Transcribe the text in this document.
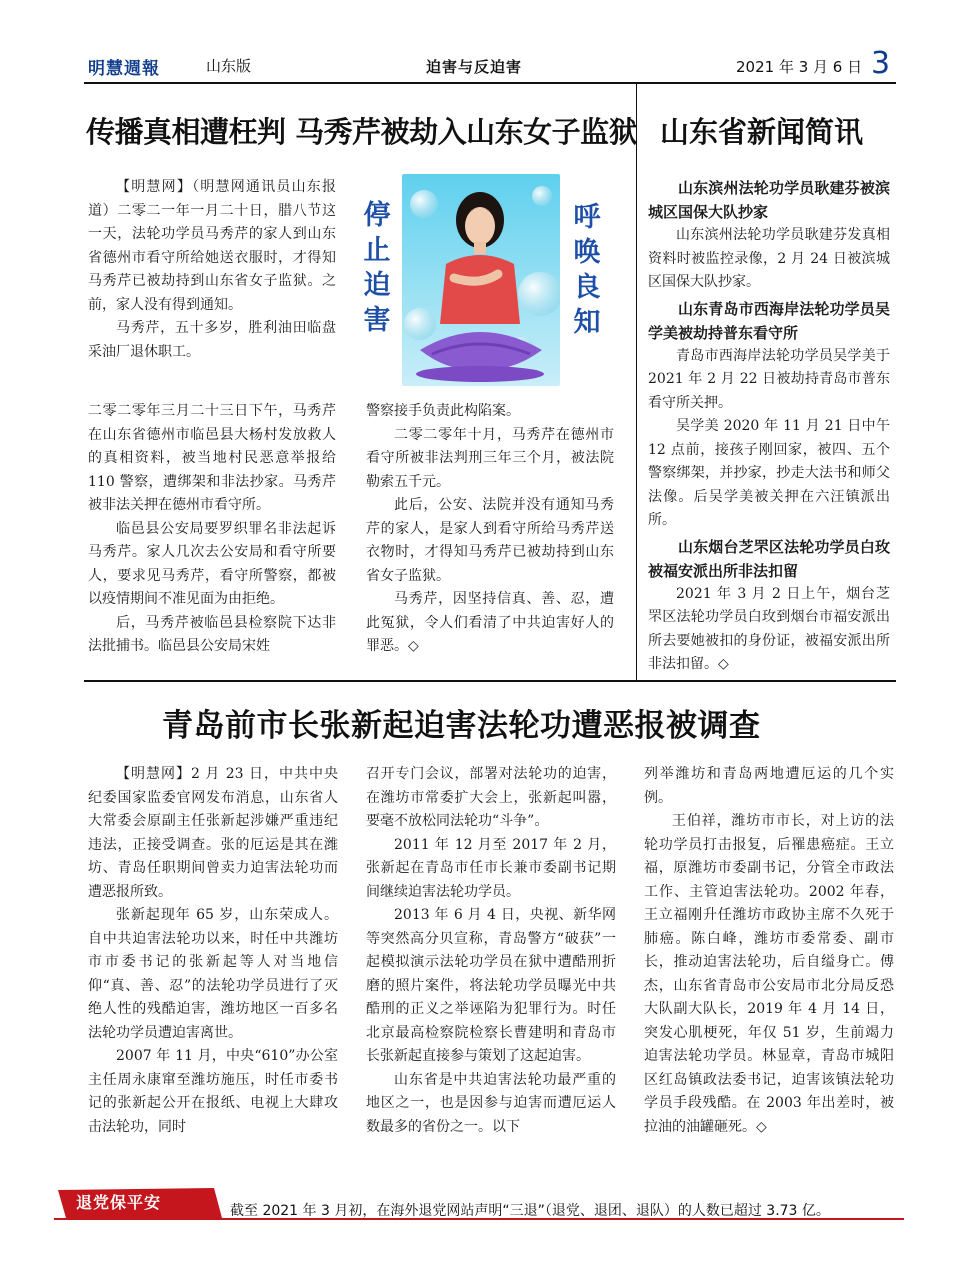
明慧週報	山东版	迫害与反迫害	2021 年 3 月 6 日 3
传播真相遭枉判 马秀芹被劫入山东女子监狱

【明慧网】（明慧网通讯员山东报道）二零二一年一月二十日，腊八节这一天，法轮功学员马秀芹的家人到山东省德州市看守所给她送衣服时，才得知马秀芹已被劫持到山东省女子监狱。之前，家人没有得到通知。

马秀芹，五十多岁，胜利油田临盘采油厂退休职工。

二零二零年三月二十三日下午，马秀芹在山东省德州市临邑县大杨村发放救人的真相资料，被当地村民恶意举报给 110 警察，遭绑架和非法抄家。马秀芹被非法关押在德州市看守所。

临邑县公安局要罗织罪名非法起诉马秀芹。家人几次去公安局和看守所要人，要求见马秀芹，看守所警察，都被以疫情期间不准见面为由拒绝。

后，马秀芹被临邑县检察院下达非法批捕书。临邑县公安局宋姓

停止迫害
呼唤良知

警察接手负责此构陷案。

二零二零年十月，马秀芹在德州市看守所被非法判刑三年三个月，被法院勒索五千元。

此后，公安、法院并没有通知马秀芹的家人，是家人到看守所给马秀芹送衣物时，才得知马秀芹已被劫持到山东省女子监狱。

马秀芹，因坚持信真、善、忍，遭此冤狱，令人们看清了中共迫害好人的罪恶。◇

山东省新闻简讯

山东滨州法轮功学员耿建芬被滨城区国保大队抄家

山东滨州法轮功学员耿建芬发真相资料时被监控录像，2 月 24 日被滨城区国保大队抄家。

山东青岛市西海岸法轮功学员吴学美被劫持普东看守所

青岛市西海岸法轮功学员吴学美于 2021 年 2 月 22 日被劫持青岛市普东看守所关押。

吴学美 2020 年 11 月 21 日中午 12 点前，接孩子刚回家，被四、五个警察绑架，并抄家，抄走大法书和师父法像。后吴学美被关押在六汪镇派出所。

山东烟台芝罘区法轮功学员白玫被福安派出所非法扣留

2021 年 3 月 2 日上午，烟台芝罘区法轮功学员白玫到烟台市福安派出所去要她被扣的身份证，被福安派出所非法扣留。◇

青岛前市长张新起迫害法轮功遭恶报被调查

【明慧网】2 月 23 日，中共中央纪委国家监委官网发布消息，山东省人大常委会原副主任张新起涉嫌严重违纪违法，正接受调查。张的厄运是其在潍坊、青岛任职期间曾卖力迫害法轮功而遭恶报所致。

张新起现年 65 岁，山东荣成人。自中共迫害法轮功以来，时任中共潍坊市市委书记的张新起等人对当地信仰“真、善、忍”的法轮功学员进行了灭绝人性的残酷迫害，潍坊地区一百多名法轮功学员遭迫害离世。

2007 年 11 月，中央“610”办公室主任周永康窜至潍坊施压，时任市委书记的张新起公开在报纸、电视上大肆攻击法轮功，同时

召开专门会议，部署对法轮功的迫害，在潍坊市常委扩大会上，张新起叫嚣，要毫不放松同法轮功“斗争”。

2011 年 12 月至 2017 年 2 月，张新起在青岛市任市长兼市委副书记期间继续迫害法轮功学员。

2013 年 6 月 4 日，央视、新华网等突然高分贝宣称，青岛警方“破获”一起模拟演示法轮功学员在狱中遭酷刑折磨的照片案件，将法轮功学员曝光中共酷刑的正义之举诬陷为犯罪行为。时任北京最高检察院检察长曹建明和青岛市长张新起直接参与策划了这起迫害。

山东省是中共迫害法轮功最严重的地区之一，也是因参与迫害而遭厄运人数最多的省份之一。以下

列举潍坊和青岛两地遭厄运的几个实例。

王伯祥，潍坊市市长，对上访的法轮功学员打击报复，后罹患癌症。王立福，原潍坊市委副书记，分管全市政法工作、主管迫害法轮功。2002 年春，王立福刚升任潍坊市政协主席不久死于肺癌。陈白峰，潍坊市委常委、副市长，推动迫害法轮功，后自缢身亡。傅杰，山东省青岛市公安局市北分局反恐大队副大队长，2019 年 4 月 14 日，突发心肌梗死，年仅 51 岁，生前竭力迫害法轮功学员。林显章，青岛市城阳区红岛镇政法委书记，迫害该镇法轮功学员手段残酷。在 2003 年出差时，被拉油的油罐砸死。◇

退党保平安	截至 2021 年 3 月初，在海外退党网站声明“三退”（退党、退团、退队）的人数已超过 3.73 亿。
